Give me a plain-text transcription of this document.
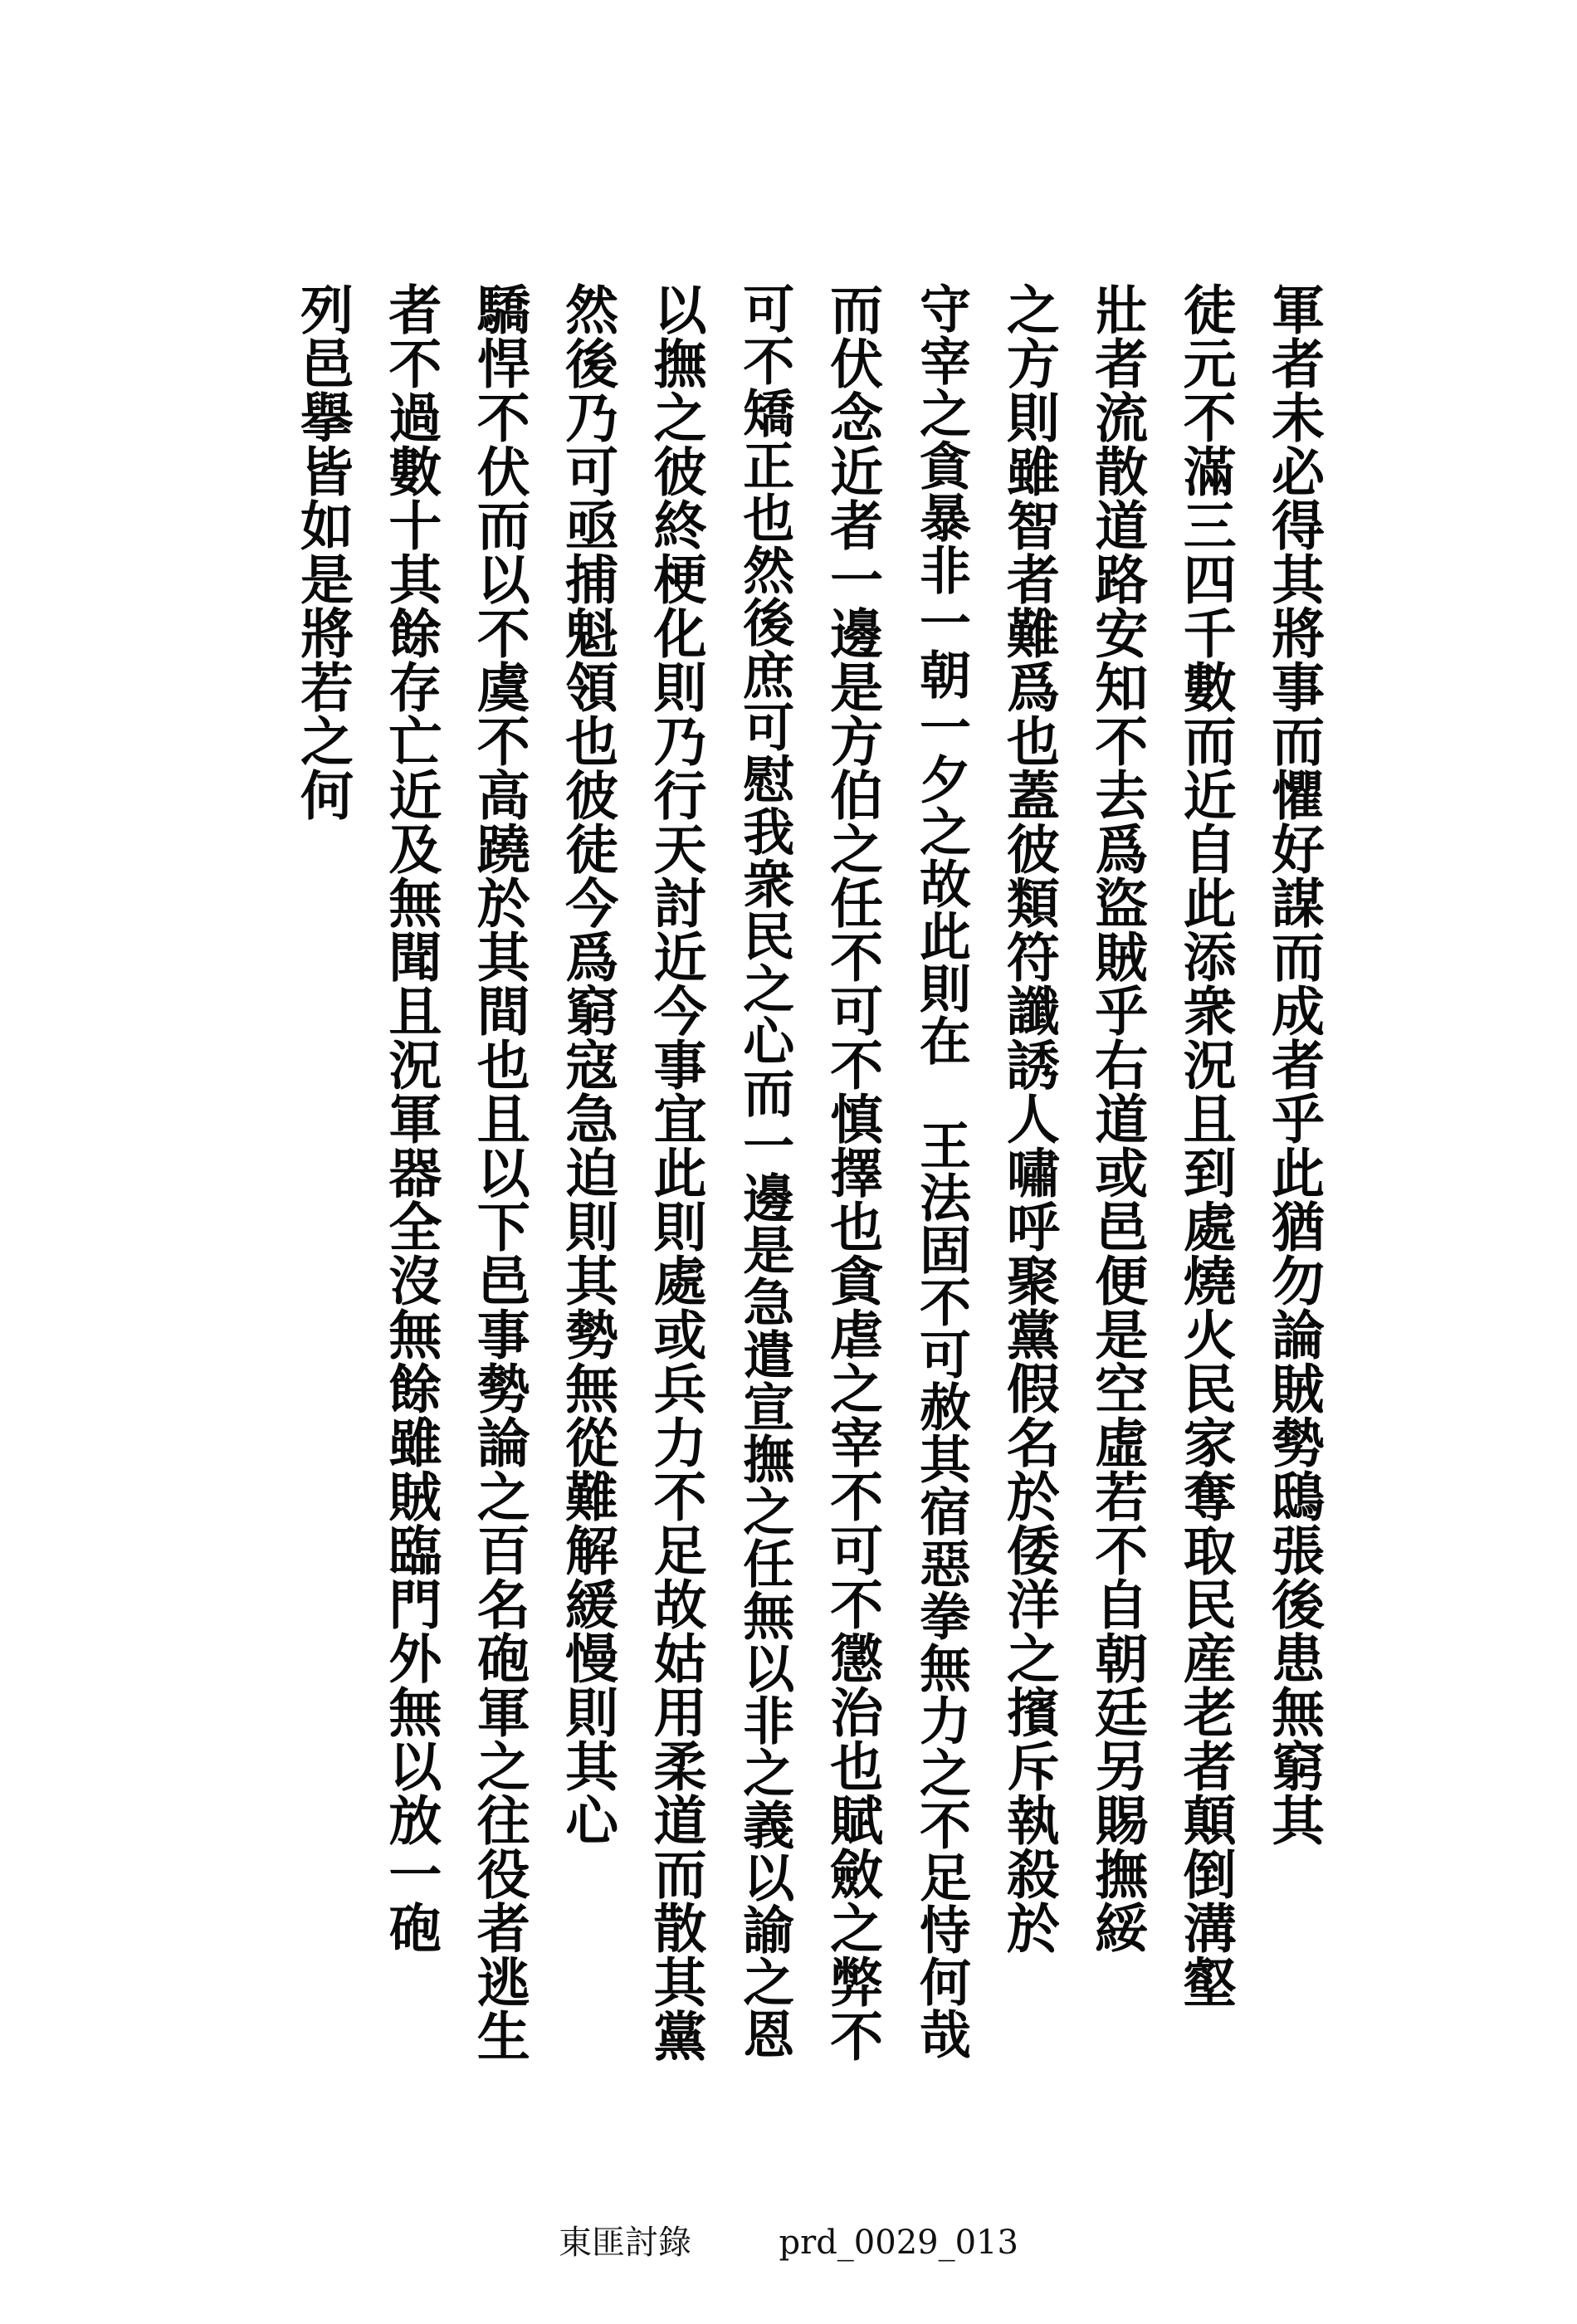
軍者未必得其將事而懼好謀而成者乎此猶勿論賊勢鴟張後患無窮其
徒元不滿三四千數而近自此添衆況且到處燒火民家奪取民産老者顛倒溝壑
壯者流散道路安知不去爲盜賊乎右道或邑便是空虛若不自朝廷另賜撫綏
之方則雖智者難爲也蓋彼類符讖誘人嘯呼聚黨假名於倭洋之擯斥執殺於
守宰之貪暴非一朝一夕之故此則在　王法固不可赦其宿惡拳無力之不足恃何哉
而伏念近者一邊是方伯之任不可不慎擇也貪虐之宰不可不懲治也賦斂之弊不
可不矯正也然後庶可慰我衆民之心而一邊是急遣宣撫之任無以非之義以諭之恩
以撫之彼終梗化則乃行天討近今事宜此則處或兵力不足故姑用柔道而散其黨
然後乃可亟捕魁領也彼徒今爲窮寇急迫則其勢無從難解緩慢則其心
驕悍不伏而以不虞不高蹺於其間也且以下邑事勢論之百名砲軍之往役者逃生
者不過數十其餘存亡近及無聞且況軍器全沒無餘雖賊臨門外無以放一砲
列邑擧皆如是將若之何
東匪討錄	prd_0029_013
